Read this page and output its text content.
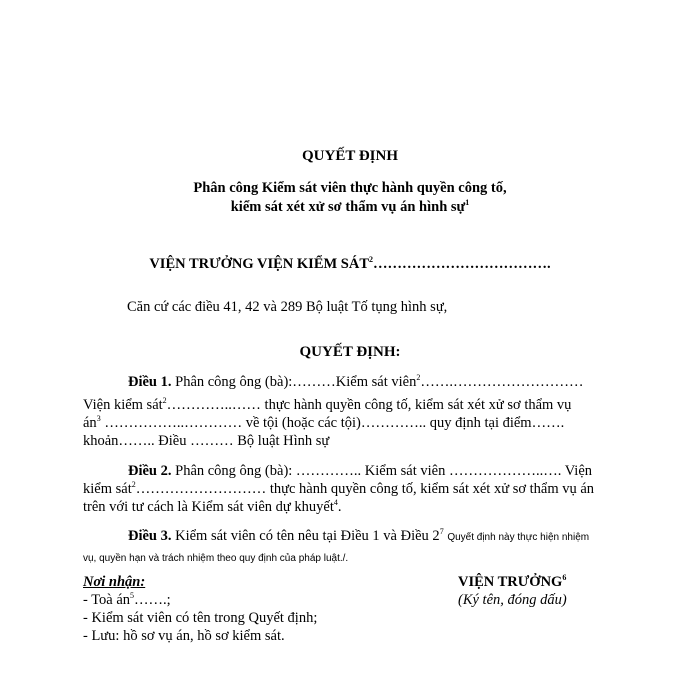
QUYẾT ĐỊNH
Phân công Kiểm sát viên thực hành quyền công tố,
kiểm sát xét xử sơ thẩm vụ án hình sự$^1$
VIỆN TRƯỞNG VIỆN KIỂM SÁT$^2$……………………………….
Căn cứ các điều 41, 42 và 289 Bộ luật Tố tụng hình sự,
QUYẾT ĐỊNH:
Điều 1. Phân công ông (bà):………Kiểm sát viên$^2$…….………………………
Viện kiểm sát$^2$…………..…… thực hành quyền công tố, kiểm sát xét xử sơ thẩm vụ
$án^3$ ……………..………… về tội (hoặc các tội)………….. quy định tại điểm…….
khoản…….. Điều ……… Bộ luật Hình sự
Điều 2. Phân công ông (bà): ………….. Kiểm sát viên ………………..…. Viện
kiểm sát$^2$……………………… thực hành quyền công tố, kiểm sát xét xử sơ thẩm vụ án
trên với tư cách là Kiểm sát viên dự khuyết$^4$.
Điều 3. Kiểm sát viên có tên nêu tại Điều 1 và Điều $2^7$ Quyết định này thực hiện nhiệm
vụ, quyền hạn và trách nhiệm theo quy định của pháp luật./.
Nơi nhận:
- Toà $án^5\dots\dots$.;
- Kiểm sát viên có tên trong Quyết định;
- Lưu: hồ sơ vụ án, hồ sơ kiểm sát.
VIỆN TRƯỞNG$^6$
(Ký tên, đóng dấu)
